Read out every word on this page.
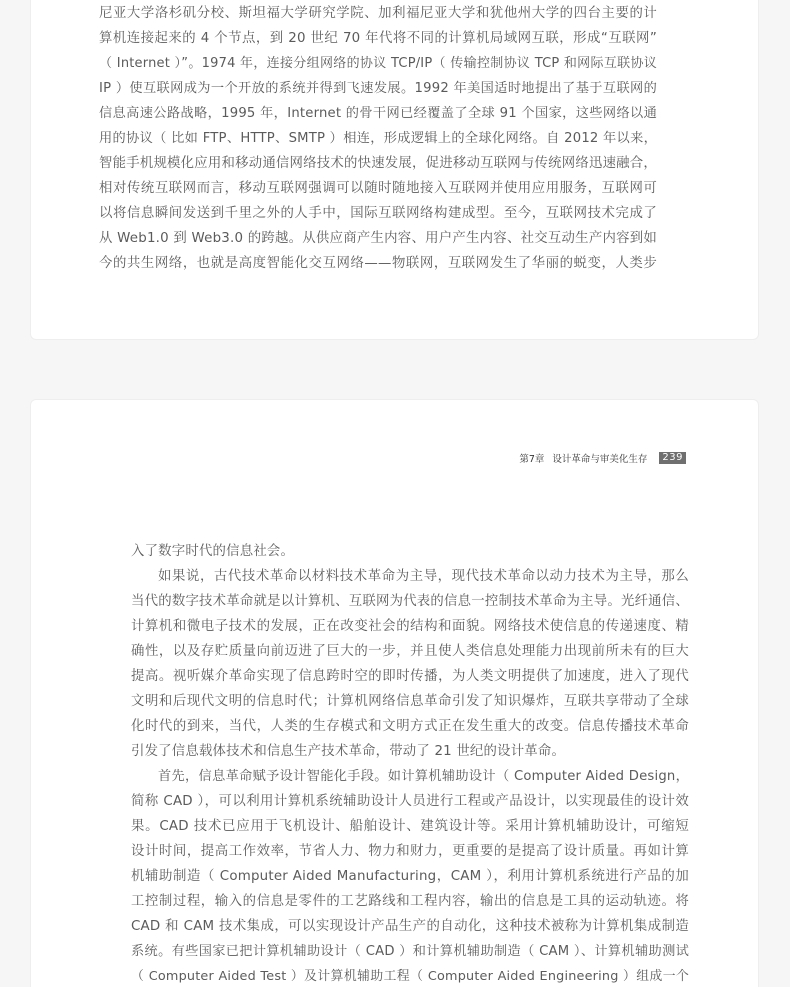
尼亚大学洛杉矶分校、斯坦福大学研究学院、加利福尼亚大学和犹他州大学的四台主要的计
算机连接起来的 4 个节点，到 20 世纪 70 年代将不同的计算机局域网互联，形成“互联网”
（ Internet ）”。1974 年，连接分组网络的协议 TCP/IP（ 传输控制协议 TCP 和网际互联协议
IP ）使互联网成为一个开放的系统并得到飞速发展。1992 年美国适时地提出了基于互联网的
信息高速公路战略，1995 年，Internet 的骨干网已经覆盖了全球 91 个国家，这些网络以通
用的协议（ 比如 FTP、HTTP、SMTP ）相连，形成逻辑上的全球化网络。自 2012 年以来，
智能手机规模化应用和移动通信网络技术的快速发展，促进移动互联网与传统网络迅速融合，
相对传统互联网而言，移动互联网强调可以随时随地接入互联网并使用应用服务，互联网可
以将信息瞬间发送到千里之外的人手中，国际互联网络构建成型。至今，互联网技术完成了
从 Web1.0 到 Web3.0 的跨越。从供应商产生内容、用户产生内容、社交互动生产内容到如
今的共生网络，也就是高度智能化交互网络——物联网，互联网发生了华丽的蜕变，人类步
第7章 设计革命与审美化生存	239
入了数字时代的信息社会。
如果说，古代技术革命以材料技术革命为主导，现代技术革命以动力技术为主导，那么
当代的数字技术革命就是以计算机、互联网为代表的信息一控制技术革命为主导。光纤通信、
计算机和微电子技术的发展，正在改变社会的结构和面貌。网络技术使信息的传递速度、精
确性，以及存贮质量向前迈进了巨大的一步，并且使人类信息处理能力出现前所未有的巨大
提高。视听媒介革命实现了信息跨时空的即时传播，为人类文明提供了加速度，进入了现代
文明和后现代文明的信息时代；计算机网络信息革命引发了知识爆炸，互联共享带动了全球
化时代的到来，当代，人类的生存模式和文明方式正在发生重大的改变。信息传播技术革命
引发了信息载体技术和信息生产技术革命，带动了 21 世纪的设计革命。
首先，信息革命赋予设计智能化手段。如计算机辅助设计（ Computer Aided Design，
简称 CAD ），可以利用计算机系统辅助设计人员进行工程或产品设计，以实现最佳的设计效
果。CAD 技术已应用于飞机设计、船舶设计、建筑设计等。采用计算机辅助设计，可缩短
设计时间，提高工作效率，节省人力、物力和财力，更重要的是提高了设计质量。再如计算
机辅助制造（ Computer Aided Manufacturing，CAM ），利用计算机系统进行产品的加
工控制过程，输入的信息是零件的工艺路线和工程内容，输出的信息是工具的运动轨迹。将
CAD 和 CAM 技术集成，可以实现设计产品生产的自动化，这种技术被称为计算机集成制造
系统。有些国家已把计算机辅助设计（ CAD ）和计算机辅助制造（ CAM ）、计算机辅助测试
（ Computer Aided Test ）及计算机辅助工程（ Computer Aided Engineering ）组成一个
